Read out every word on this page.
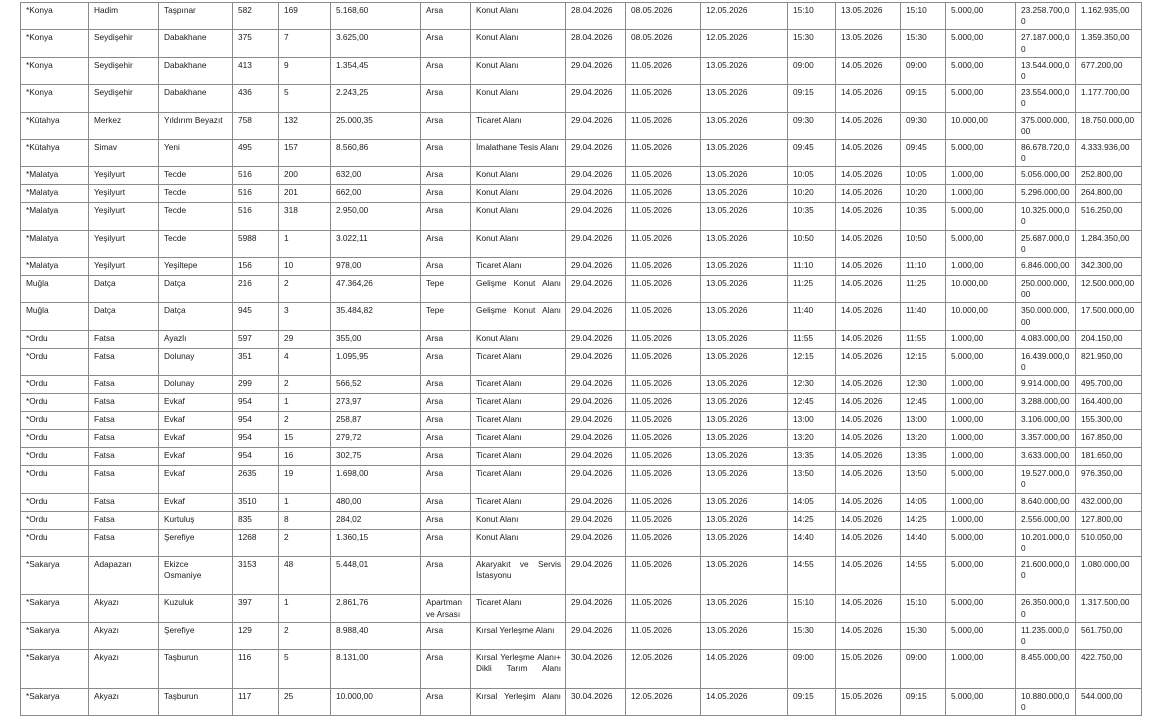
*Konya	Hadim	Taşpınar	582	169	5.168,60	Arsa	Konut Alanı	28.04.2026	08.05.2026	12.05.2026	15:10	13.05.2026	15:10	5.000,00	23.258.700,00	1.162.935,00
*Konya	Seydişehir	Dabakhane	375	7	3.625,00	Arsa	Konut Alanı	28.04.2026	08.05.2026	12.05.2026	15:30	13.05.2026	15:30	5.000,00	27.187.000,00	1.359.350,00
*Konya	Seydişehir	Dabakhane	413	9	1.354,45	Arsa	Konut Alanı	29.04.2026	11.05.2026	13.05.2026	09:00	14.05.2026	09:00	5.000,00	13.544.000,00	677.200,00
*Konya	Seydişehir	Dabakhane	436	5	2.243,25	Arsa	Konut Alanı	29.04.2026	11.05.2026	13.05.2026	09:15	14.05.2026	09:15	5.000,00	23.554.000,00	1.177.700,00
*Kütahya	Merkez	Yıldırım Beyazıt	758	132	25.000,35	Arsa	Ticaret Alanı	29.04.2026	11.05.2026	13.05.2026	09:30	14.05.2026	09:30	10.000,00	375.000.000,00	18.750.000,00
*Kütahya	Simav	Yeni	495	157	8.560,86	Arsa	İmalathane Tesis Alanı	29.04.2026	11.05.2026	13.05.2026	09:45	14.05.2026	09:45	5.000,00	86.678.720,00	4.333.936,00
*Malatya	Yeşilyurt	Tecde	516	200	632,00	Arsa	Konut Alanı	29.04.2026	11.05.2026	13.05.2026	10:05	14.05.2026	10:05	1.000,00	5.056.000,00	252.800,00
*Malatya	Yeşilyurt	Tecde	516	201	662,00	Arsa	Konut Alanı	29.04.2026	11.05.2026	13.05.2026	10:20	14.05.2026	10:20	1.000,00	5.296.000,00	264.800,00
*Malatya	Yeşilyurt	Tecde	516	318	2.950,00	Arsa	Konut Alanı	29.04.2026	11.05.2026	13.05.2026	10:35	14.05.2026	10:35	5.000,00	10.325.000,00	516.250,00
*Malatya	Yeşilyurt	Tecde	5988	1	3.022,11	Arsa	Konut Alanı	29.04.2026	11.05.2026	13.05.2026	10:50	14.05.2026	10:50	5.000,00	25.687.000,00	1.284.350,00
*Malatya	Yeşilyurt	Yeşiltepe	156	10	978,00	Arsa	Ticaret Alanı	29.04.2026	11.05.2026	13.05.2026	11:10	14.05.2026	11:10	1.000,00	6.846.000,00	342.300,00
Muğla	Datça	Datça	216	2	47.364,26	Tepe	Gelişme Konut Alanı	29.04.2026	11.05.2026	13.05.2026	11:25	14.05.2026	11:25	10.000,00	250.000.000,00	12.500.000,00
Muğla	Datça	Datça	945	3	35.484,82	Tepe	Gelişme Konut Alanı	29.04.2026	11.05.2026	13.05.2026	11:40	14.05.2026	11:40	10.000,00	350.000.000,00	17.500.000,00
*Ordu	Fatsa	Ayazlı	597	29	355,00	Arsa	Konut Alanı	29.04.2026	11.05.2026	13.05.2026	11:55	14.05.2026	11:55	1.000,00	4.083.000,00	204.150,00
*Ordu	Fatsa	Dolunay	351	4	1.095,95	Arsa	Ticaret Alanı	29.04.2026	11.05.2026	13.05.2026	12:15	14.05.2026	12:15	5.000,00	16.439.000,00	821.950,00
*Ordu	Fatsa	Dolunay	299	2	566,52	Arsa	Ticaret Alanı	29.04.2026	11.05.2026	13.05.2026	12:30	14.05.2026	12:30	1.000,00	9.914.000,00	495.700,00
*Ordu	Fatsa	Evkaf	954	1	273,97	Arsa	Ticaret Alanı	29.04.2026	11.05.2026	13.05.2026	12:45	14.05.2026	12:45	1.000,00	3.288.000,00	164.400,00
*Ordu	Fatsa	Evkaf	954	2	258,87	Arsa	Ticaret Alanı	29.04.2026	11.05.2026	13.05.2026	13:00	14.05.2026	13:00	1.000,00	3.106.000,00	155.300,00
*Ordu	Fatsa	Evkaf	954	15	279,72	Arsa	Ticaret Alanı	29.04.2026	11.05.2026	13.05.2026	13:20	14.05.2026	13:20	1.000,00	3.357.000,00	167.850,00
*Ordu	Fatsa	Evkaf	954	16	302,75	Arsa	Ticaret Alanı	29.04.2026	11.05.2026	13.05.2026	13:35	14.05.2026	13:35	1.000,00	3.633.000,00	181.650,00
*Ordu	Fatsa	Evkaf	2635	19	1.698,00	Arsa	Ticaret Alanı	29.04.2026	11.05.2026	13.05.2026	13:50	14.05.2026	13:50	5.000,00	19.527.000,00	976.350,00
*Ordu	Fatsa	Evkaf	3510	1	480,00	Arsa	Ticaret Alanı	29.04.2026	11.05.2026	13.05.2026	14:05	14.05.2026	14:05	1.000,00	8.640.000,00	432.000,00
*Ordu	Fatsa	Kurtuluş	835	8	284,02	Arsa	Konut Alanı	29.04.2026	11.05.2026	13.05.2026	14:25	14.05.2026	14:25	1.000,00	2.556.000,00	127.800,00
*Ordu	Fatsa	Şerefiye	1268	2	1.360,15	Arsa	Konut Alanı	29.04.2026	11.05.2026	13.05.2026	14:40	14.05.2026	14:40	5.000,00	10.201.000,00	510.050,00
*Sakarya	Adapazarı	Ekizce Osmaniye	3153	48	5.448,01	Arsa	Akaryakıt ve Servis İstasyonu	29.04.2026	11.05.2026	13.05.2026	14:55	14.05.2026	14:55	5.000,00	21.600.000,00	1.080.000,00
*Sakarya	Akyazı	Kuzuluk	397	1	2.861,76	Apartman ve Arsası	Ticaret Alanı	29.04.2026	11.05.2026	13.05.2026	15:10	14.05.2026	15:10	5.000,00	26.350.000,00	1.317.500,00
*Sakarya	Akyazı	Şerefiye	129	2	8.988,40	Arsa	Kırsal Yerleşme Alanı	29.04.2026	11.05.2026	13.05.2026	15:30	14.05.2026	15:30	5.000,00	11.235.000,00	561.750,00
*Sakarya	Akyazı	Taşburun	116	5	8.131,00	Arsa	Kırsal Yerleşme Alanı+ Dikli Tarım Alanı	30.04.2026	12.05.2026	14.05.2026	09:00	15.05.2026	09:00	1.000,00	8.455.000,00	422.750,00
*Sakarya	Akyazı	Taşburun	117	25	10.000,00	Arsa	Kırsal Yerleşim Alanı	30.04.2026	12.05.2026	14.05.2026	09:15	15.05.2026	09:15	5.000,00	10.880.000,00	544.000,00
